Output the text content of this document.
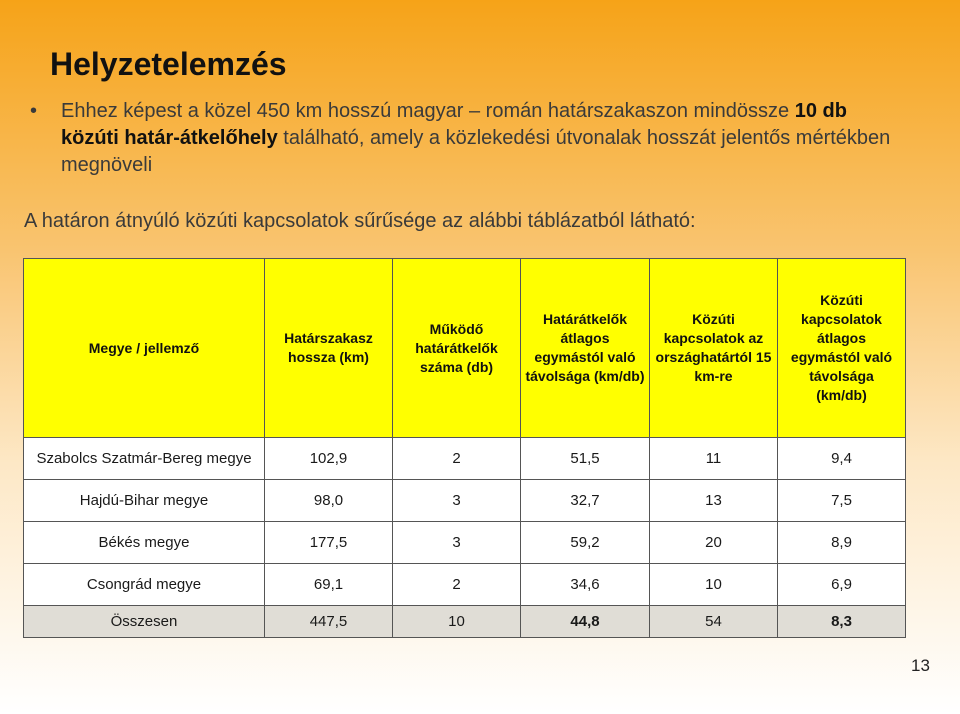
Helyzetelemzés
• Ehhez képest a közel 450 km hosszú magyar – román határszakaszon mindössze 10 db közúti határ-átkelőhely található, amely a közlekedési útvonalak hosszát jelentős mértékben megnöveli
A határon átnyúló közúti kapcsolatok sűrűsége az alábbi táblázatból látható:
Megye / jellemző	Határszakasz hossza (km)	Működő határátkelők száma (db)	Határátkelők átlagos egymástól való távolsága (km/db)	Közúti kapcsolatok az országhatártól 15 km-re	Közúti kapcsolatok átlagos egymástól való távolsága (km/db)
Szabolcs Szatmár-Bereg megye	102,9	2	51,5	11	9,4
Hajdú-Bihar megye	98,0	3	32,7	13	7,5
Békés megye	177,5	3	59,2	20	8,9
Csongrád megye	69,1	2	34,6	10	6,9
Összesen	447,5	10	44,8	54	8,3
13
